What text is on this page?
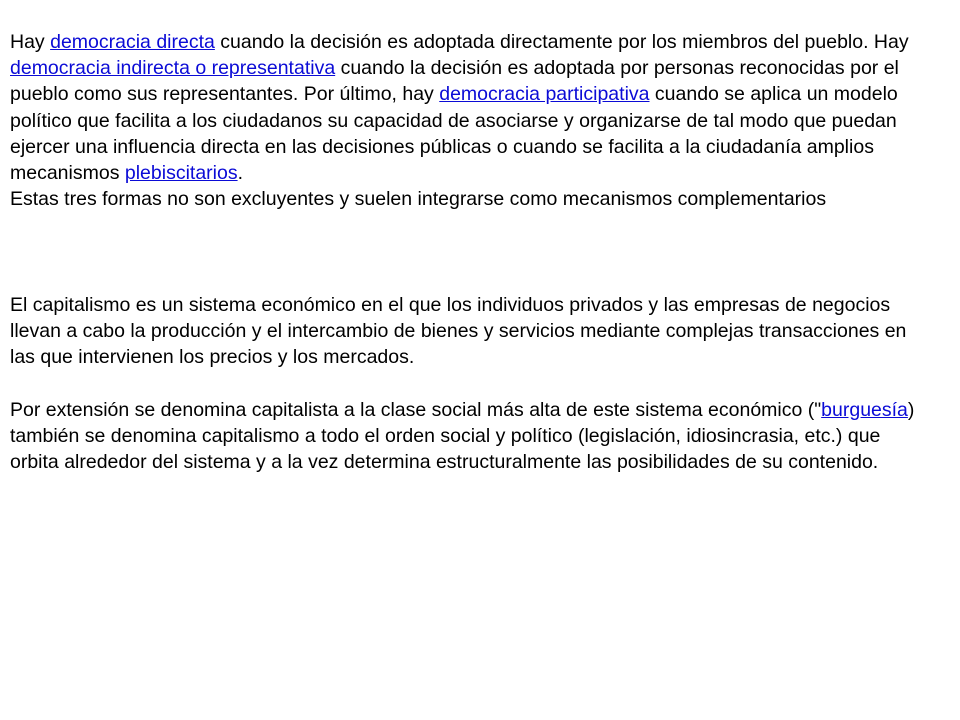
Hay democracia directa cuando la decisión es adoptada directamente por los miembros del pueblo. Hay democracia indirecta o representativa cuando la decisión es adoptada por personas reconocidas por el pueblo como sus representantes. Por último, hay democracia participativa cuando se aplica un modelo político que facilita a los ciudadanos su capacidad de asociarse y organizarse de tal modo que puedan ejercer una influencia directa en las decisiones públicas o cuando se facilita a la ciudadanía amplios mecanismos plebiscitarios.

Estas tres formas no son excluyentes y suelen integrarse como mecanismos complementarios

El capitalismo es un sistema económico en el que los individuos privados y las empresas de negocios llevan a cabo la producción y el intercambio de bienes y servicios mediante complejas transacciones en las que intervienen los precios y los mercados.

Por extensión se denomina capitalista a la clase social más alta de este sistema económico ("burguesía) también se denomina capitalismo a todo el orden social y político (legislación, idiosincrasia, etc.) que orbita alrededor del sistema y a la vez determina estructuralmente las posibilidades de su contenido.
